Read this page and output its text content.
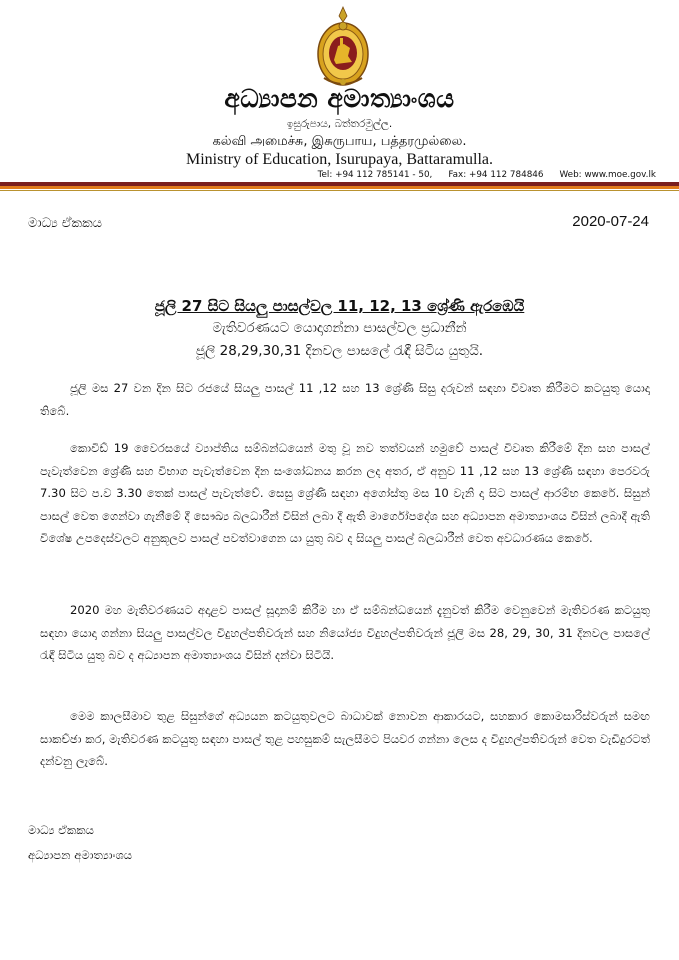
අධ්‍යාපන අමාත්‍යාංශය
ඉසුරුපාය, බත්තරමුල්ල.
கல்வி அமைச்சு, இசுருபாய, பத்தரமுல்லை.
Ministry of Education, Isurupaya, Battaramulla.
Tel: +94 112 785141 - 50, Fax: +94 112 784846 Web: www.moe.gov.lk
මාධ්‍ය ඒකකය	2020-07-24
ජූලි 27 සිට සියලු පාසල්වල 11, 12, 13 ශ්‍රේණි ඇරඹෙයි
මැතිවරණයට යොදාගන්නා පාසල්වල ප්‍රධානීන්
ජූලි 28,29,30,31 දිනවල පාසලේ රැඳී සිටිය යුතුයි.

ජූලි මස 27 වන දින සිට රජයේ සියලු පාසල් 11 ,12 සහ 13 ශ්‍රේණි සිසු දරුවන් සඳහා විවෘත කිරීමට කටයුතු යොදා තිබේ.

කොවිඩ් 19 වෛරසයේ ව්‍යාප්තිය සම්බන්ධයෙන් මතු වූ නව තත්වයන් හමුවේ පාසල් විවෘත කිරීමේ දින සහ පාසල් පැවැත්වෙන ශ්‍රේණි සහ විභාග පැවැත්වෙන දින සංශෝධනය කරන ලද අතර, ඒ අනුව 11 ,12 සහ 13 ශ්‍රේණි සඳහා පෙරවරු 7.30 සිට ප.ව 3.30 තෙක් පාසල් පැවැත්වේ. සෙසු ශ්‍රේණි සඳහා අගෝස්තු මස 10 වැනි දා සිට පාසල් ආරම්භ කෙරේ. සිසුන් පාසල් වෙත ගෙන්වා ගැනීමේ දී සෞඛ්‍ය බලධාරීන් විසින් ලබා දී ඇති මාර්ගෝපදේශ සහ අධ්‍යාපන අමාත්‍යාංශය විසින් ලබාදී ඇති විශේෂ උපදෙස්වලට අනුකූලව පාසල් පවත්වාගෙන යා යුතු බව ද සියලු පාසල් බලධාරීන් වෙත අවධාරණය කෙරේ.

2020 මහ මැතිවරණයට අදාළව පාසල් සූදානම් කිරීම හා ඒ සම්බන්ධයෙන් දැනුවත් කිරීම වෙනුවෙන් මැතිවරණ කටයුතු සඳහා යොදා ගන්නා සියලු පාසල්වල විදුහල්පතිවරුන් සහ නියෝජ්‍ය විදුහල්පතිවරුන් ජූලි මස 28, 29, 30, 31 දිනවල පාසලේ රැඳී සිටිය යුතු බව ද අධ්‍යාපන අමාත්‍යාංශය විසින් දන්වා සිටියි.

මෙම කාලසීමාව තුළ සිසුන්ගේ අධ්‍යයන කටයුතුවලට බාධාවක් නොවන ආකාරයට, සහකාර කොමසාරිස්වරුන් සමඟ සාකච්ඡා කර, මැතිවරණ කටයුතු සඳහා පාසල් තුළ පහසුකම් සැලසීමට පියවර ගන්නා ලෙස ද විදුහල්පතිවරුන් වෙත වැඩිදුරටත් දන්වනු ලැබේ.

මාධ්‍ය ඒකකය
අධ්‍යාපන අමාත්‍යාංශය
